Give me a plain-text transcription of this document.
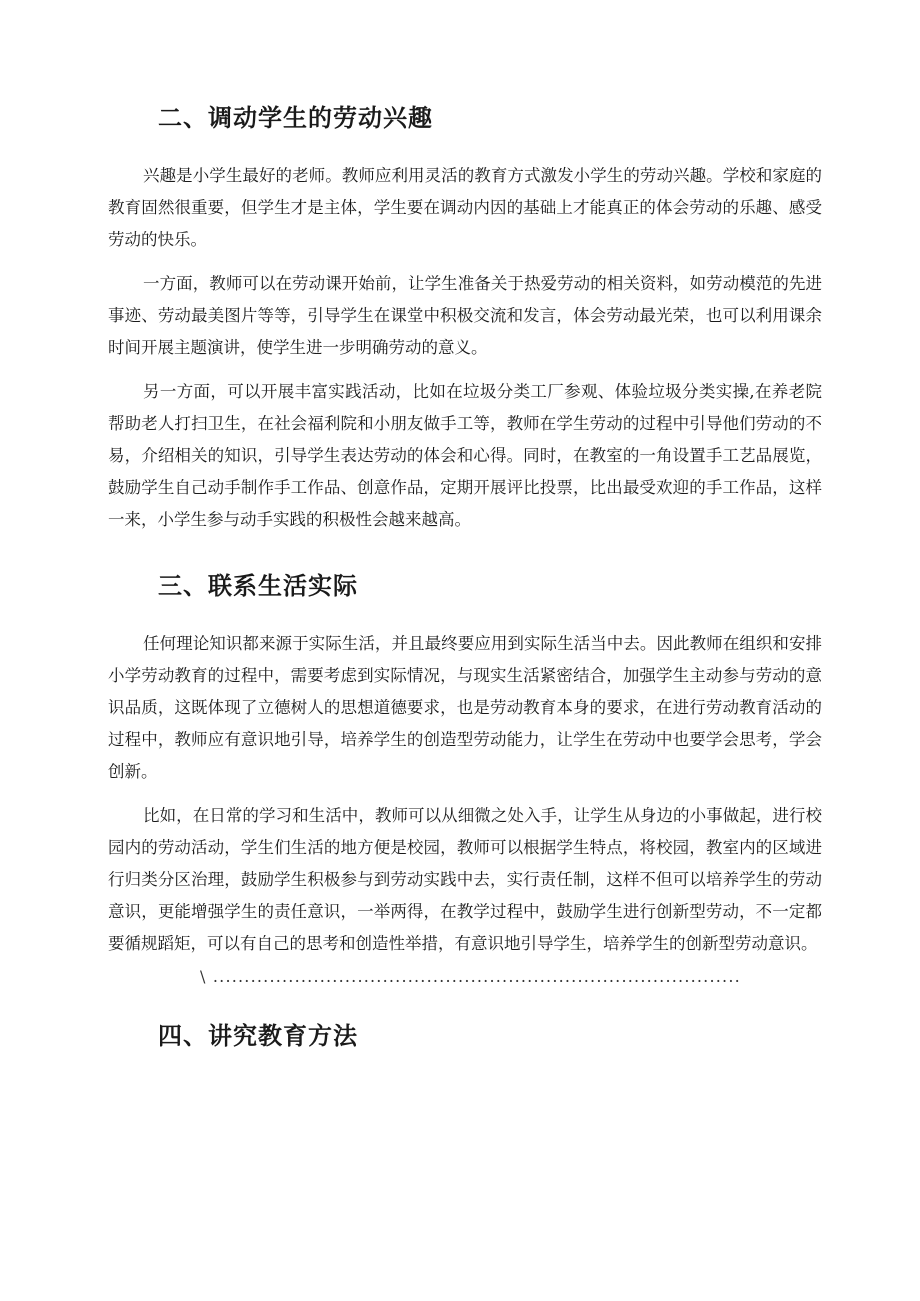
二、调动学生的劳动兴趣

兴趣是小学生最好的老师。教师应利用灵活的教育方式激发小学生的劳动兴趣。学校和家庭的教育固然很重要，但学生才是主体，学生要在调动内因的基础上才能真正的体会劳动的乐趣、感受劳动的快乐。

一方面，教师可以在劳动课开始前，让学生准备关于热爱劳动的相关资料，如劳动模范的先进事迹、劳动最美图片等等，引导学生在课堂中积极交流和发言，体会劳动最光荣，也可以利用课余时间开展主题演讲，使学生进一步明确劳动的意义。

另一方面，可以开展丰富实践活动，比如在垃圾分类工厂参观、体验垃圾分类实操,在养老院帮助老人打扫卫生，在社会福利院和小朋友做手工等，教师在学生劳动的过程中引导他们劳动的不易，介绍相关的知识，引导学生表达劳动的体会和心得。同时，在教室的一角设置手工艺品展览，鼓励学生自己动手制作手工作品、创意作品，定期开展评比投票，比出最受欢迎的手工作品，这样一来，小学生参与动手实践的积极性会越来越高。

三、联系生活实际

任何理论知识都来源于实际生活，并且最终要应用到实际生活当中去。因此教师在组织和安排小学劳动教育的过程中，需要考虑到实际情况，与现实生活紧密结合，加强学生主动参与劳动的意识品质，这既体现了立德树人的思想道德要求，也是劳动教育本身的要求，在进行劳动教育活动的过程中，教师应有意识地引导，培养学生的创造型劳动能力，让学生在劳动中也要学会思考，学会创新。

比如，在日常的学习和生活中，教师可以从细微之处入手，让学生从身边的小事做起，进行校园内的劳动活动，学生们生活的地方便是校园，教师可以根据学生特点，将校园，教室内的区域进行归类分区治理，鼓励学生积极参与到劳动实践中去，实行责任制，这样不但可以培养学生的劳动意识，更能增强学生的责任意识，一举两得，在教学过程中，鼓励学生进行创新型劳动，不一定都要循规蹈矩，可以有自己的思考和创造性举措，有意识地引导学生，培养学生的创新型劳动意识。

\ ....................................................................................
四、讲究教育方法
